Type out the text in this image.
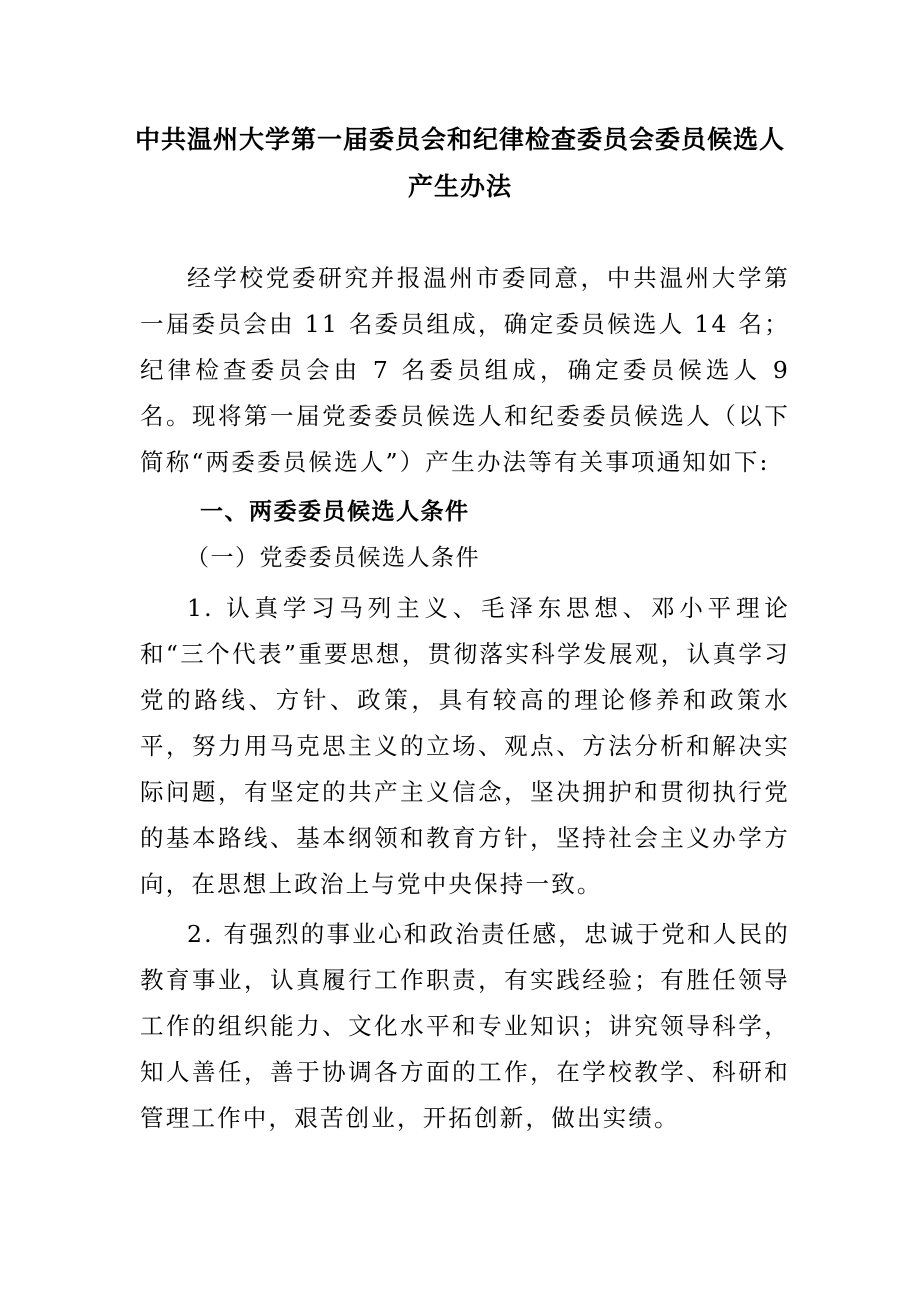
中共温州大学第一届委员会和纪律检查委员会委员候选人
产生办法
经学校党委研究并报温州市委同意，中共温州大学第一届委员会由 11 名委员组成，确定委员候选人 14 名；纪律检查委员会由 7 名委员组成，确定委员候选人 9 名。现将第一届党委委员候选人和纪委委员候选人（以下简称“两委委员候选人”）产生办法等有关事项通知如下:
一、两委委员候选人条件
（一）党委委员候选人条件
1. 认真学习马列主义、毛泽东思想、邓小平理论和“三个代表”重要思想，贯彻落实科学发展观，认真学习党的路线、方针、政策，具有较高的理论修养和政策水平，努力用马克思主义的立场、观点、方法分析和解决实际问题，有坚定的共产主义信念，坚决拥护和贯彻执行党的基本路线、基本纲领和教育方针，坚持社会主义办学方向，在思想上政治上与党中央保持一致。
2. 有强烈的事业心和政治责任感，忠诚于党和人民的教育事业，认真履行工作职责，有实践经验；有胜任领导工作的组织能力、文化水平和专业知识；讲究领导科学，知人善任，善于协调各方面的工作，在学校教学、科研和管理工作中，艰苦创业，开拓创新，做出实绩。
